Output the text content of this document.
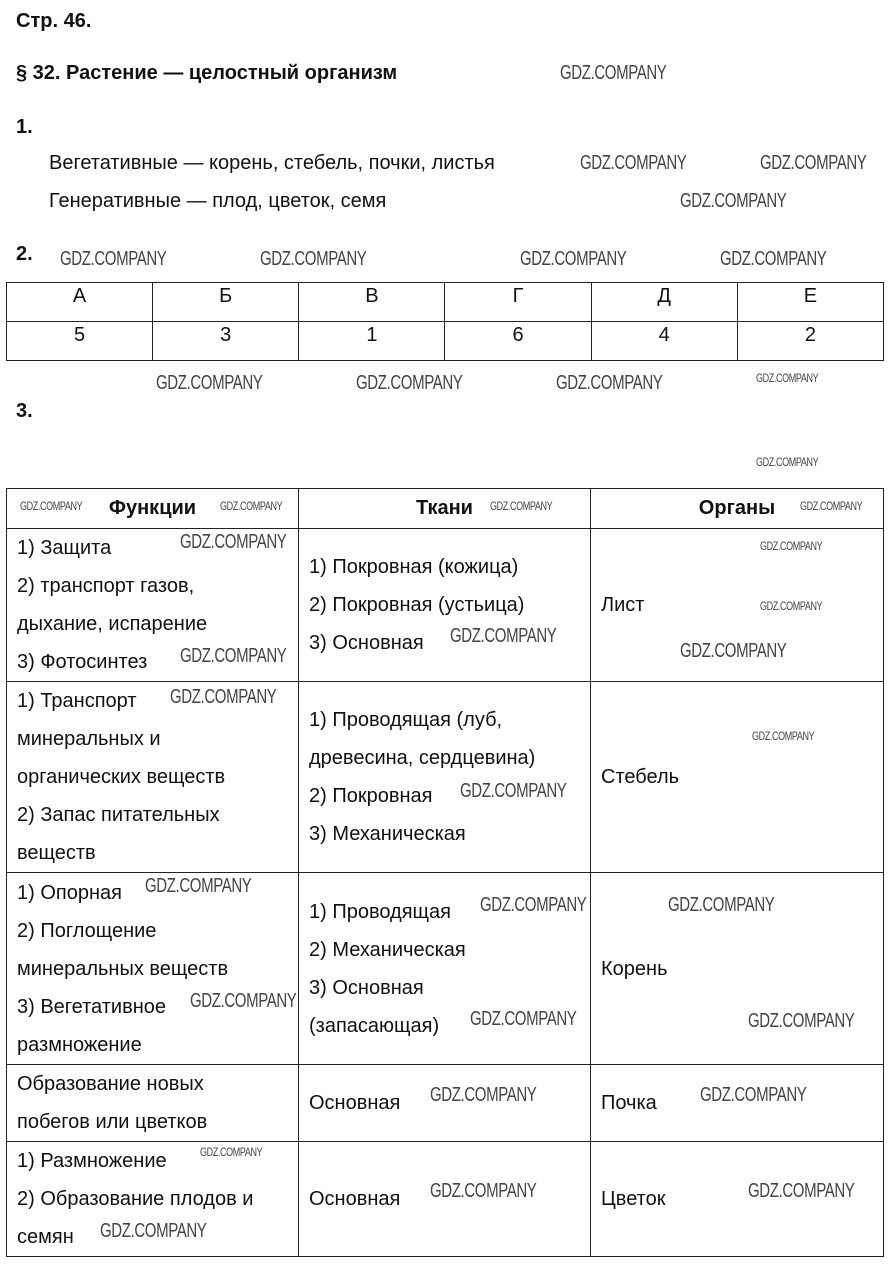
Стр. 46.
§ 32. Растение — целостный организм
1.
Вегетативные — корень, стебель, почки, листья
Генеративные — плод, цветок, семя
2.
А	Б	В	Г	Д	Е
5	3	1	6	4	2
3.
Функции	Ткани	Органы

1) Защита
2) транспорт газов,
дыхание, испарение
3) Фотосинтез	1) Покровная (кожица)
2) Покровная (устьица)
3) Основная	Лист

1) Транспорт
минеральных и
органических веществ
2) Запас питательных
веществ	1) Проводящая (луб,
древесина, сердцевина)
2) Покровная
3) Механическая	Стебель

1) Опорная
2) Поглощение
минеральных веществ
3) Вегетативное
размножение	1) Проводящая
2) Механическая
3) Основная
(запасающая)	Корень

Образование новых
побегов или цветков	Основная	Почка

1) Размножение
2) Образование плодов и
семян	Основная	Цветок
GDZ.COMPANY
GDZ.COMPANY	GDZ.COMPANY
GDZ.COMPANY
GDZ.COMPANY	GDZ.COMPANY	GDZ.COMPANY	GDZ.COMPANY
GDZ.COMPANY	GDZ.COMPANY	GDZ.COMPANY	GDZ.COMPANY
GDZ.COMPANY
GDZ.COMPANY	GDZ.COMPANY	GDZ.COMPANY	GDZ.COMPANY
GDZ.COMPANY
GDZ.COMPANY
GDZ.COMPANY
GDZ.COMPANY
GDZ.COMPANY
GDZ.COMPANY
GDZ.COMPANY
GDZ.COMPANY
GDZ.COMPANY
GDZ.COMPANY
GDZ.COMPANY
GDZ.COMPANY
GDZ.COMPANY
GDZ.COMPANY
GDZ.COMPANY
GDZ.COMPANY	GDZ.COMPANY
GDZ.COMPANY
GDZ.COMPANY
GDZ.COMPANY	GDZ.COMPANY
